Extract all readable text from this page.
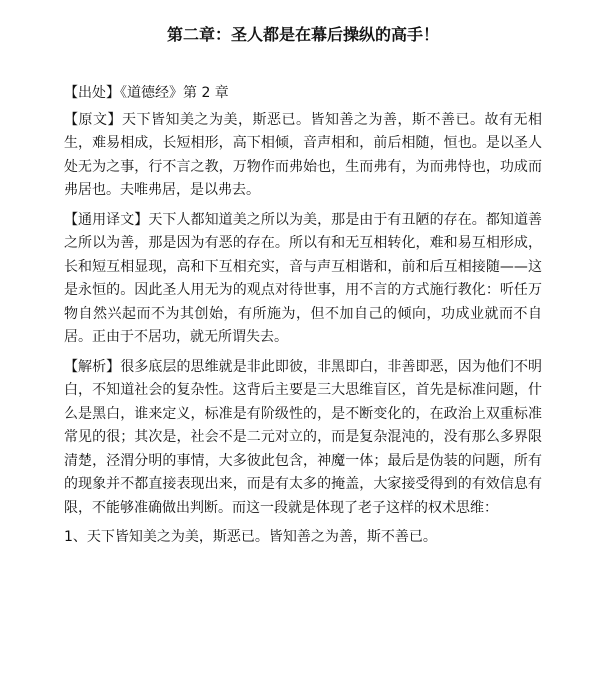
第二章：圣人都是在幕后操纵的高手！

【出处】《道德经》第 2 章

【原文】天下皆知美之为美，斯恶已。皆知善之为善，斯不善已。故有无相生，难易相成，长短相形，高下相倾，音声相和，前后相随，恒也。是以圣人处无为之事，行不言之教，万物作而弗始也，生而弗有，为而弗恃也，功成而弗居也。夫唯弗居，是以弗去。

【通用译文】天下人都知道美之所以为美，那是由于有丑陋的存在。都知道善之所以为善，那是因为有恶的存在。所以有和无互相转化，难和易互相形成，长和短互相显现，高和下互相充实，音与声互相谐和，前和后互相接随——这是永恒的。因此圣人用无为的观点对待世事，用不言的方式施行教化：听任万物自然兴起而不为其创始，有所施为，但不加自己的倾向，功成业就而不自居。正由于不居功，就无所谓失去。

【解析】很多底层的思维就是非此即彼，非黑即白，非善即恶，因为他们不明白，不知道社会的复杂性。这背后主要是三大思维盲区，首先是标准问题，什么是黑白，谁来定义，标准是有阶级性的，是不断变化的，在政治上双重标准常见的很；其次是，社会不是二元对立的，而是复杂混沌的，没有那么多界限清楚，泾渭分明的事情，大多彼此包含，神魔一体；最后是伪装的问题，所有的现象并不都直接表现出来，而是有太多的掩盖，大家接受得到的有效信息有限，不能够准确做出判断。而这一段就是体现了老子这样的权术思维：

1、天下皆知美之为美，斯恶已。皆知善之为善，斯不善已。
